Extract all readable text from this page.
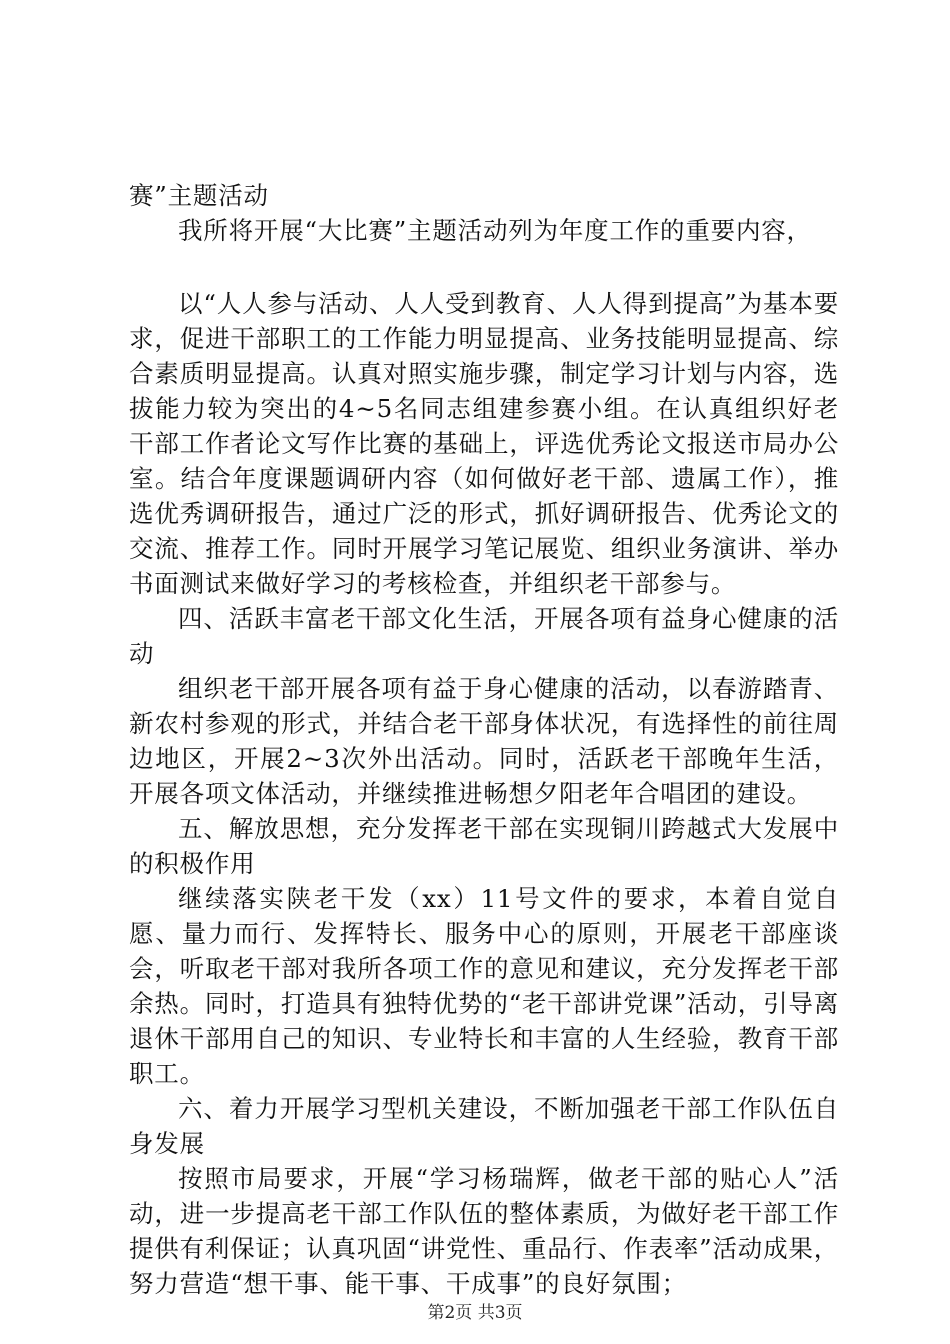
赛”主题活动

我所将开展“大比赛”主题活动列为年度工作的重要内容，

以“人人参与活动、人人受到教育、人人得到提高”为基本要求，促进干部职工的工作能力明显提高、业务技能明显提高、综合素质明显提高。认真对照实施步骤，制定学习计划与内容，选拔能力较为突出的4~5名同志组建参赛小组。在认真组织好老干部工作者论文写作比赛的基础上，评选优秀论文报送市局办公室。结合年度课题调研内容（如何做好老干部、遗属工作），推选优秀调研报告，通过广泛的形式，抓好调研报告、优秀论文的交流、推荐工作。同时开展学习笔记展览、组织业务演讲、举办书面测试来做好学习的考核检查，并组织老干部参与。

四、活跃丰富老干部文化生活，开展各项有益身心健康的活动

组织老干部开展各项有益于身心健康的活动，以春游踏青、新农村参观的形式，并结合老干部身体状况，有选择性的前往周边地区，开展2~3次外出活动。同时，活跃老干部晚年生活，开展各项文体活动，并继续推进畅想夕阳老年合唱团的建设。

五、解放思想，充分发挥老干部在实现铜川跨越式大发展中的积极作用

继续落实陕老干发（xx）11号文件的要求，本着自觉自愿、量力而行、发挥特长、服务中心的原则，开展老干部座谈会，听取老干部对我所各项工作的意见和建议，充分发挥老干部余热。同时，打造具有独特优势的“老干部讲党课”活动，引导离退休干部用自己的知识、专业特长和丰富的人生经验，教育干部职工。

六、着力开展学习型机关建设，不断加强老干部工作队伍自身发展

按照市局要求，开展“学习杨瑞辉，做老干部的贴心人”活动，进一步提高老干部工作队伍的整体素质，为做好老干部工作提供有利保证；认真巩固“讲党性、重品行、作表率”活动成果，努力营造“想干事、能干事、干成事”的良好氛围；

第2页 共3页
